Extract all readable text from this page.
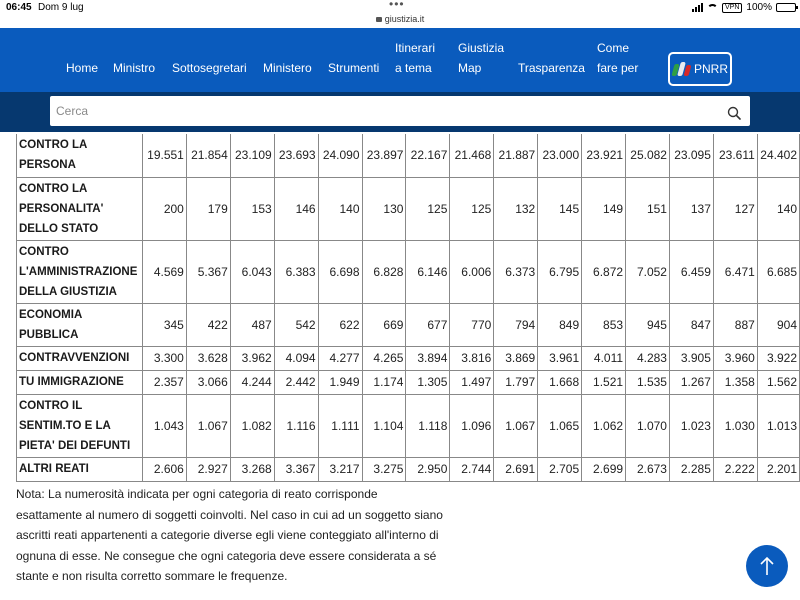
06:45 Dom 9 lug	•••
giustizia.it
VPN 100%
Home Ministro Sottosegretari Ministero Strumenti
Itinerari
a tema
Giustizia
Map	Trasparenza
Come
fare per	PNRR
Cerca
CONTRO LA
PERSONA	19.551	21.854	23.109	23.693	24.090	23.897	22.167	21.468	21.887	23.000	23.921	25.082	23.095	23.611	24.402

CONTRO LA
PERSONALITA'
DELLO STATO	200	179	153	146	140	130	125	125	132	145	149	151	137	127	140

CONTRO
L'AMMINISTRAZIONE
DELLA GIUSTIZIA	4.569	5.367	6.043	6.383	6.698	6.828	6.146	6.006	6.373	6.795	6.872	7.052	6.459	6.471	6.685

ECONOMIA
PUBBLICA	345	422	487	542	622	669	677	770	794	849	853	945	847	887	904

CONTRAVVENZIONI	3.300	3.628	3.962	4.094	4.277	4.265	3.894	3.816	3.869	3.961	4.011	4.283	3.905	3.960	3.922

TU IMMIGRAZIONE	2.357	3.066	4.244	2.442	1.949	1.174	1.305	1.497	1.797	1.668	1.521	1.535	1.267	1.358	1.562

CONTRO IL
SENTIM.TO E LA
PIETA' DEI DEFUNTI	1.043	1.067	1.082	1.116	1.111	1.104	1.118	1.096	1.067	1.065	1.062	1.070	1.023	1.030	1.013

ALTRI REATI	2.606	2.927	3.268	3.367	3.217	3.275	2.950	2.744	2.691	2.705	2.699	2.673	2.285	2.222	2.201
Nota: La numerosità indicata per ogni categoria di reato corrisponde
esattamente al numero di soggetti coinvolti. Nel caso in cui ad un soggetto siano
ascritti reati appartenenti a categorie diverse egli viene conteggiato all'interno di
ognuna di esse. Ne consegue che ogni categoria deve essere considerata a sé
stante e non risulta corretto sommare le frequenze.
